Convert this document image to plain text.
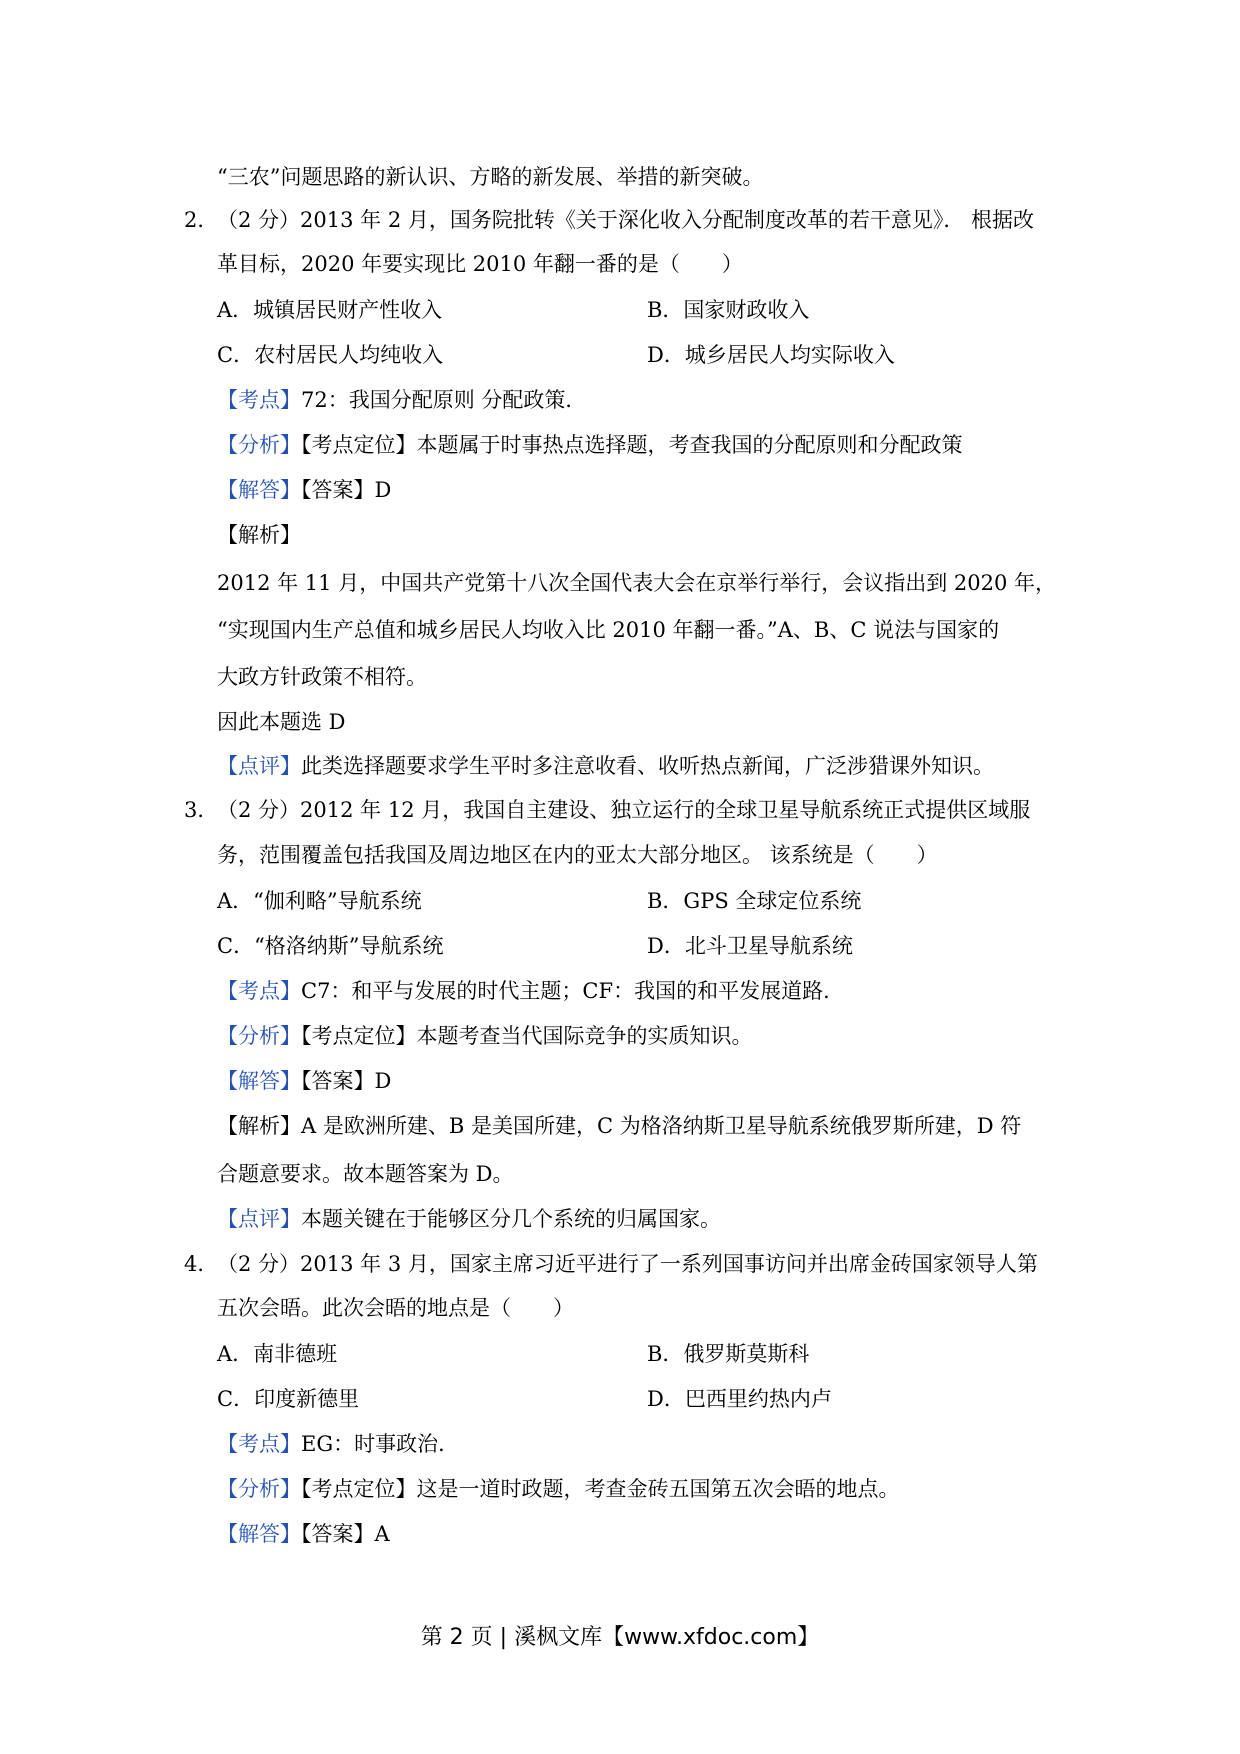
“三农”问题思路的新认识、方略的新发展、举措的新突破。
2．
（2 分）2013 年 2 月，国务院批转《关于深化收入分配制度改革的若干意见》． 根据改
革目标，2020 年要实现比 2010 年翻一番的是（　　）
A．城镇居民财产性收入	B．国家财政收入
C．农村居民人均纯收入	D．城乡居民人均实际收入
【考点】72：我国分配原则 分配政策．
【分析】【考点定位】本题属于时事热点选择题，考查我国的分配原则和分配政策
【解答】【答案】D
【解析】
2012 年 11 月，中国共产党第十八次全国代表大会在京举行举行，会议指出到 2020 年，
“实现国内生产总值和城乡居民人均收入比 2010 年翻一番。”A、B、C 说法与国家的
大政方针政策不相符。
因此本题选 D
【点评】此类选择题要求学生平时多注意收看、收听热点新闻，广泛涉猎课外知识。
3．
（2 分）2012 年 12 月，我国自主建设、独立运行的全球卫星导航系统正式提供区域服
务，范围覆盖包括我国及周边地区在内的亚太大部分地区。 该系统是（　　）
A．“伽利略”导航系统	B．GPS 全球定位系统
C．“格洛纳斯”导航系统	D．北斗卫星导航系统
【考点】C7：和平与发展的时代主题；CF：我国的和平发展道路．
【分析】【考点定位】本题考查当代国际竞争的实质知识。
【解答】【答案】D
【解析】A 是欧洲所建、B 是美国所建，C 为格洛纳斯卫星导航系统俄罗斯所建，D 符
合题意要求。故本题答案为 D。
【点评】本题关键在于能够区分几个系统的归属国家。
4．
（2 分）2013 年 3 月，国家主席习近平进行了一系列国事访问并出席金砖国家领导人第
五次会晤。此次会晤的地点是（　　）
A．南非德班	B．俄罗斯莫斯科
C．印度新德里	D．巴西里约热内卢
【考点】EG：时事政治．
【分析】【考点定位】这是一道时政题，考查金砖五国第五次会晤的地点。
【解答】【答案】A
第 2 页 | 溪枫文库【www.xfdoc.com】
